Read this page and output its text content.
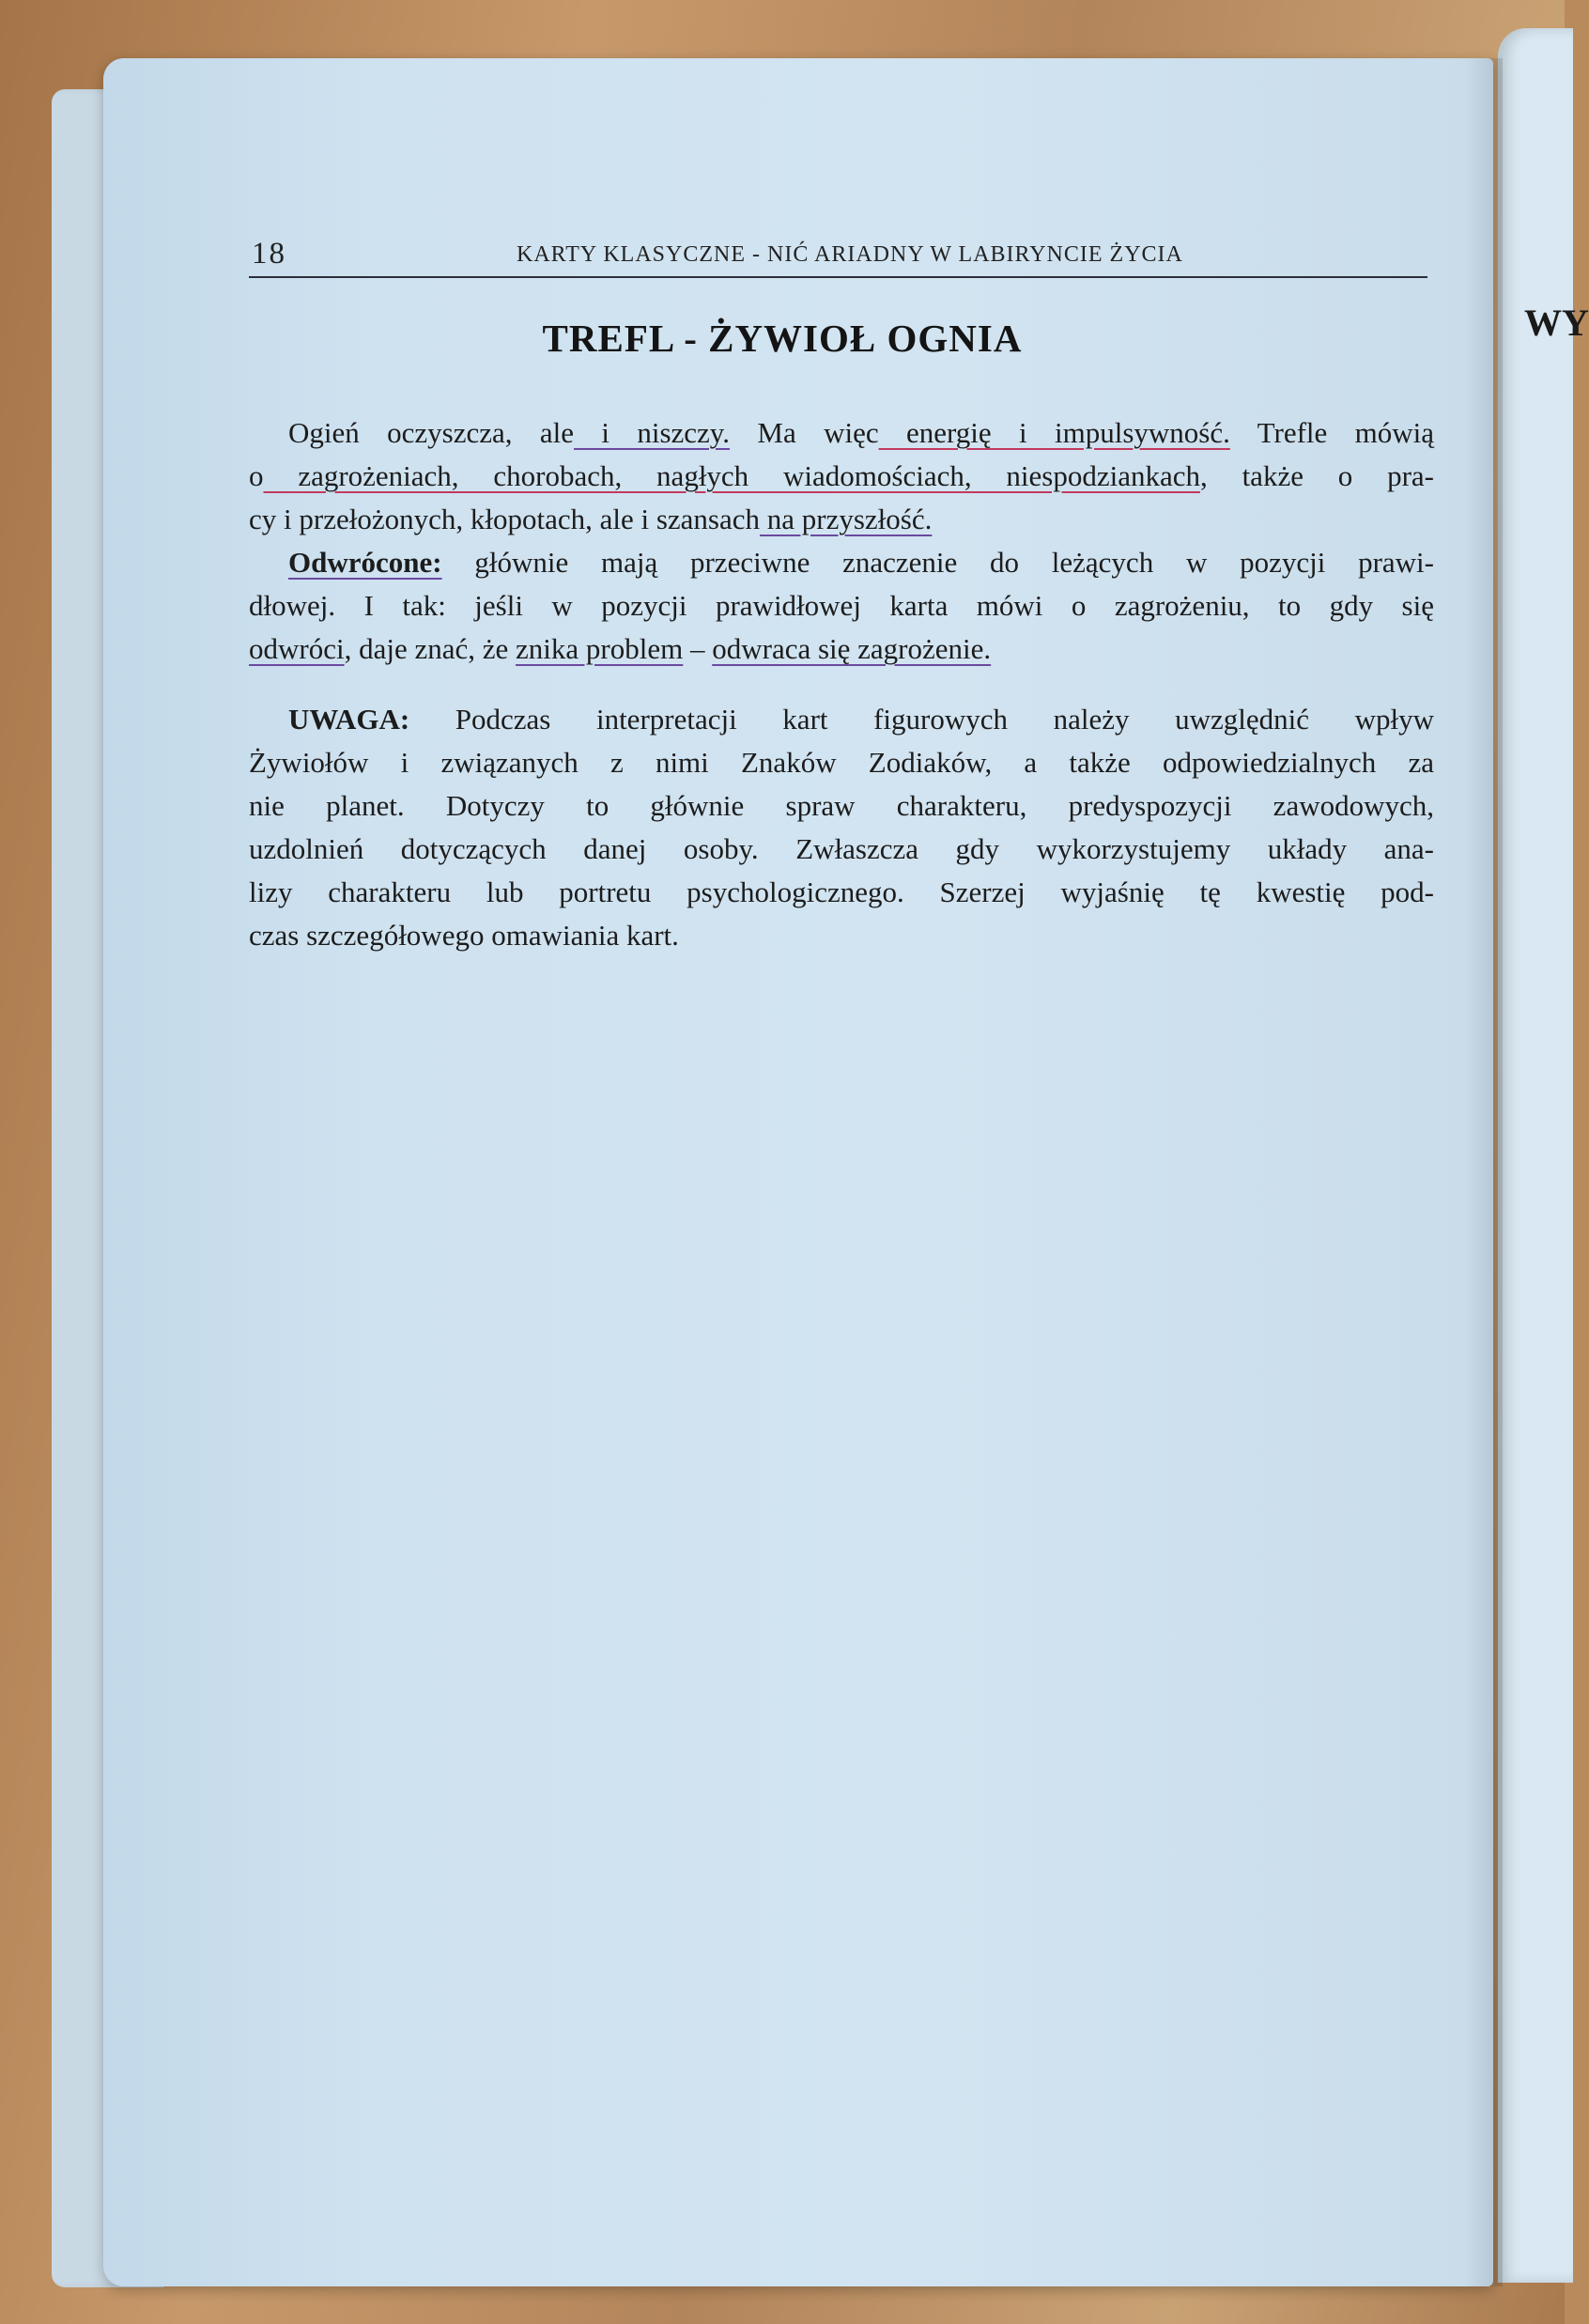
WY
18	KARTY KLASYCZNE - NIĆ ARIADNY W LABIRYNCIE ŻYCIA
TREFL - ŻYWIOŁ OGNIA
Ogień oczyszcza, ale i niszczy. Ma więc energię i impulsywność. Trefle mówią
o zagrożeniach, chorobach, nagłych wiadomościach, niespodziankach, także o pra-
cy i przełożonych, kłopotach, ale i szansach na przyszłość.
Odwrócone: głównie mają przeciwne znaczenie do leżących w pozycji prawi-
dłowej. I tak: jeśli w pozycji prawidłowej karta mówi o zagrożeniu, to gdy się
odwróci, daje znać, że znika problem – odwraca się zagrożenie.
UWAGA: Podczas interpretacji kart figurowych należy uwzględnić wpływ
Żywiołów i związanych z nimi Znaków Zodiaków, a także odpowiedzialnych za
nie planet. Dotyczy to głównie spraw charakteru, predyspozycji zawodowych,
uzdolnień dotyczących danej osoby. Zwłaszcza gdy wykorzystujemy układy ana-
lizy charakteru lub portretu psychologicznego. Szerzej wyjaśnię tę kwestię pod-
czas szczegółowego omawiania kart.
